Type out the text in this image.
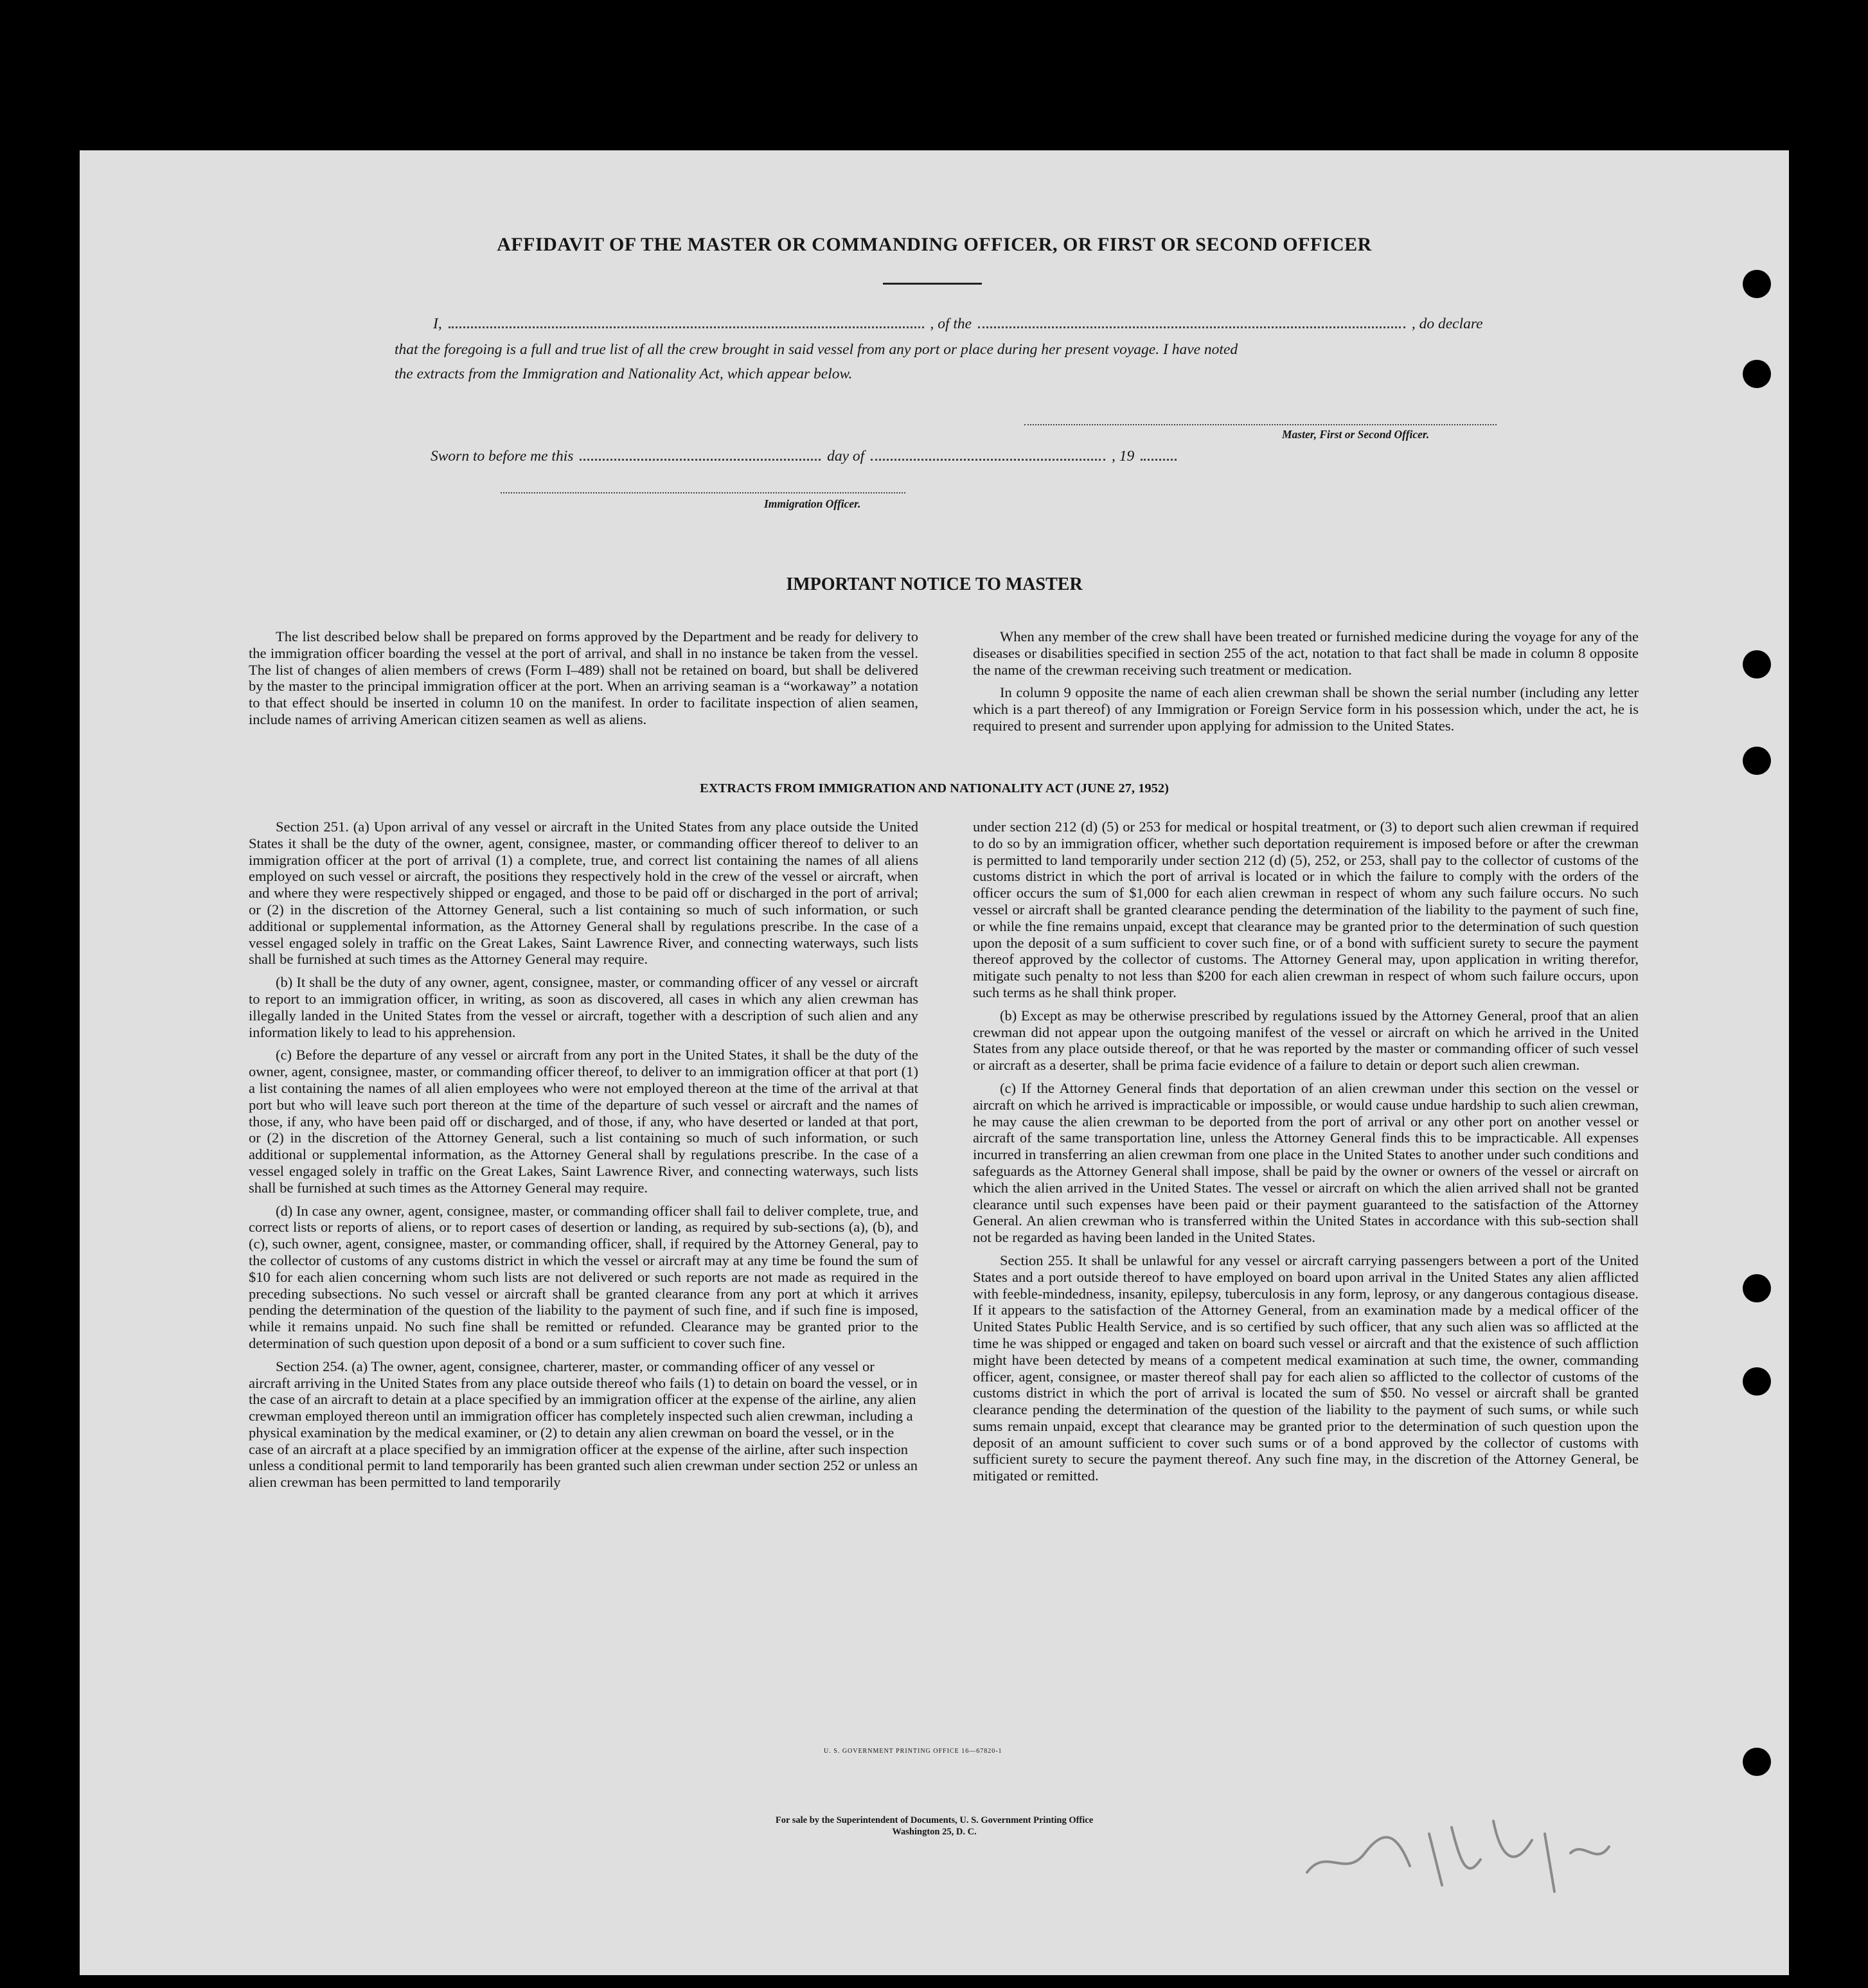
AFFIDAVIT OF THE MASTER OR COMMANDING OFFICER, OR FIRST OR SECOND OFFICER
I,	, of the	, do declare
that the foregoing is a full and true list of all the crew brought in said vessel from any port or place during her present voyage. I have noted
the extracts from the Immigration and Nationality Act, which appear below.
Master, First or Second Officer.
Sworn to before me this	day of	, 19
Immigration Officer.
IMPORTANT NOTICE TO MASTER

The list described below shall be prepared on forms approved by the Department and be ready for delivery to the immigration officer boarding the vessel at the port of arrival, and shall in no instance be taken from the vessel. The list of changes of alien members of crews (Form I–489) shall not be retained on board, but shall be delivered by the master to the principal immigration officer at the port. When an arriving seaman is a “workaway” a notation to that effect should be inserted in column 10 on the manifest. In order to facilitate inspection of alien seamen, include names of arriving American citizen seamen as well as aliens.

When any member of the crew shall have been treated or furnished medicine during the voyage for any of the diseases or disabilities specified in section 255 of the act, notation to that fact shall be made in column 8 opposite the name of the crewman receiving such treatment or medication.

In column 9 opposite the name of each alien crewman shall be shown the serial number (including any letter which is a part thereof) of any Immigration or Foreign Service form in his possession which, under the act, he is required to present and surrender upon applying for admission to the United States.

EXTRACTS FROM IMMIGRATION AND NATIONALITY ACT (JUNE 27, 1952)

Section 251. (a) Upon arrival of any vessel or aircraft in the United States from any place outside the United States it shall be the duty of the owner, agent, consignee, master, or commanding officer thereof to deliver to an immigration officer at the port of arrival (1) a complete, true, and correct list containing the names of all aliens employed on such vessel or aircraft, the positions they respectively hold in the crew of the vessel or aircraft, when and where they were respectively shipped or engaged, and those to be paid off or discharged in the port of arrival; or (2) in the discretion of the Attorney General, such a list containing so much of such information, or such additional or supplemental information, as the Attorney General shall by regulations prescribe. In the case of a vessel engaged solely in traffic on the Great Lakes, Saint Lawrence River, and connecting waterways, such lists shall be furnished at such times as the Attorney General may require.

(b) It shall be the duty of any owner, agent, consignee, master, or commanding officer of any vessel or aircraft to report to an immigration officer, in writing, as soon as discovered, all cases in which any alien crewman has illegally landed in the United States from the vessel or aircraft, together with a description of such alien and any information likely to lead to his apprehension.

(c) Before the departure of any vessel or aircraft from any port in the United States, it shall be the duty of the owner, agent, consignee, master, or commanding officer thereof, to deliver to an immigration officer at that port (1) a list containing the names of all alien employees who were not employed thereon at the time of the arrival at that port but who will leave such port thereon at the time of the departure of such vessel or aircraft and the names of those, if any, who have been paid off or discharged, and of those, if any, who have deserted or landed at that port, or (2) in the discretion of the Attorney General, such a list containing so much of such information, or such additional or supplemental information, as the Attorney General shall by regulations prescribe. In the case of a vessel engaged solely in traffic on the Great Lakes, Saint Lawrence River, and connecting waterways, such lists shall be furnished at such times as the Attorney General may require.

(d) In case any owner, agent, consignee, master, or commanding officer shall fail to deliver complete, true, and correct lists or reports of aliens, or to report cases of desertion or landing, as required by sub-sections (a), (b), and (c), such owner, agent, consignee, master, or commanding officer, shall, if required by the Attorney General, pay to the collector of customs of any customs district in which the vessel or aircraft may at any time be found the sum of $10 for each alien concerning whom such lists are not delivered or such reports are not made as required in the preceding subsections. No such vessel or aircraft shall be granted clearance from any port at which it arrives pending the determination of the question of the liability to the payment of such fine, and if such fine is imposed, while it remains unpaid. No such fine shall be remitted or refunded. Clearance may be granted prior to the determination of such question upon deposit of a bond or a sum sufficient to cover such fine.

Section 254. (a) The owner, agent, consignee, charterer, master, or commanding officer of any vessel or aircraft arriving in the United States from any place outside thereof who fails (1) to detain on board the vessel, or in the case of an aircraft to detain at a place specified by an immigration officer at the expense of the airline, any alien crewman employed thereon until an immigration officer has completely inspected such alien crewman, including a physical examination by the medical examiner, or (2) to detain any alien crewman on board the vessel, or in the case of an aircraft at a place specified by an immigration officer at the expense of the airline, after such inspection unless a conditional permit to land temporarily has been granted such alien crewman under section 252 or unless an alien crewman has been permitted to land temporarily

under section 212 (d) (5) or 253 for medical or hospital treatment, or (3) to deport such alien crewman if required to do so by an immigration officer, whether such deportation requirement is imposed before or after the crewman is permitted to land temporarily under section 212 (d) (5), 252, or 253, shall pay to the collector of customs of the customs district in which the port of arrival is located or in which the failure to comply with the orders of the officer occurs the sum of $1,000 for each alien crewman in respect of whom any such failure occurs. No such vessel or aircraft shall be granted clearance pending the determination of the liability to the payment of such fine, or while the fine remains unpaid, except that clearance may be granted prior to the determination of such question upon the deposit of a sum sufficient to cover such fine, or of a bond with sufficient surety to secure the payment thereof approved by the collector of customs. The Attorney General may, upon application in writing therefor, mitigate such penalty to not less than $200 for each alien crewman in respect of whom such failure occurs, upon such terms as he shall think proper.

(b) Except as may be otherwise prescribed by regulations issued by the Attorney General, proof that an alien crewman did not appear upon the outgoing manifest of the vessel or aircraft on which he arrived in the United States from any place outside thereof, or that he was reported by the master or commanding officer of such vessel or aircraft as a deserter, shall be prima facie evidence of a failure to detain or deport such alien crewman.

(c) If the Attorney General finds that deportation of an alien crewman under this section on the vessel or aircraft on which he arrived is impracticable or impossible, or would cause undue hardship to such alien crewman, he may cause the alien crewman to be deported from the port of arrival or any other port on another vessel or aircraft of the same transportation line, unless the Attorney General finds this to be impracticable. All expenses incurred in transferring an alien crewman from one place in the United States to another under such conditions and safeguards as the Attorney General shall impose, shall be paid by the owner or owners of the vessel or aircraft on which the alien arrived in the United States. The vessel or aircraft on which the alien arrived shall not be granted clearance until such expenses have been paid or their payment guaranteed to the satisfaction of the Attorney General. An alien crewman who is transferred within the United States in accordance with this sub-section shall not be regarded as having been landed in the United States.

Section 255. It shall be unlawful for any vessel or aircraft carrying passengers between a port of the United States and a port outside thereof to have employed on board upon arrival in the United States any alien afflicted with feeble-mindedness, insanity, epilepsy, tuberculosis in any form, leprosy, or any dangerous contagious disease. If it appears to the satisfaction of the Attorney General, from an examination made by a medical officer of the United States Public Health Service, and is so certified by such officer, that any such alien was so afflicted at the time he was shipped or engaged and taken on board such vessel or aircraft and that the existence of such affliction might have been detected by means of a competent medical examination at such time, the owner, commanding officer, agent, consignee, or master thereof shall pay for each alien so afflicted to the collector of customs of the customs district in which the port of arrival is located the sum of $50. No vessel or aircraft shall be granted clearance pending the determination of the question of the liability to the payment of such sums, or while such sums remain unpaid, except that clearance may be granted prior to the determination of such question upon the deposit of an amount sufficient to cover such sums or of a bond approved by the collector of customs with sufficient surety to secure the payment thereof. Any such fine may, in the discretion of the Attorney General, be mitigated or remitted.

U. S. GOVERNMENT PRINTING OFFICE 16—67820-1
For sale by the Superintendent of Documents, U. S. Government Printing Office
Washington 25, D. C.
